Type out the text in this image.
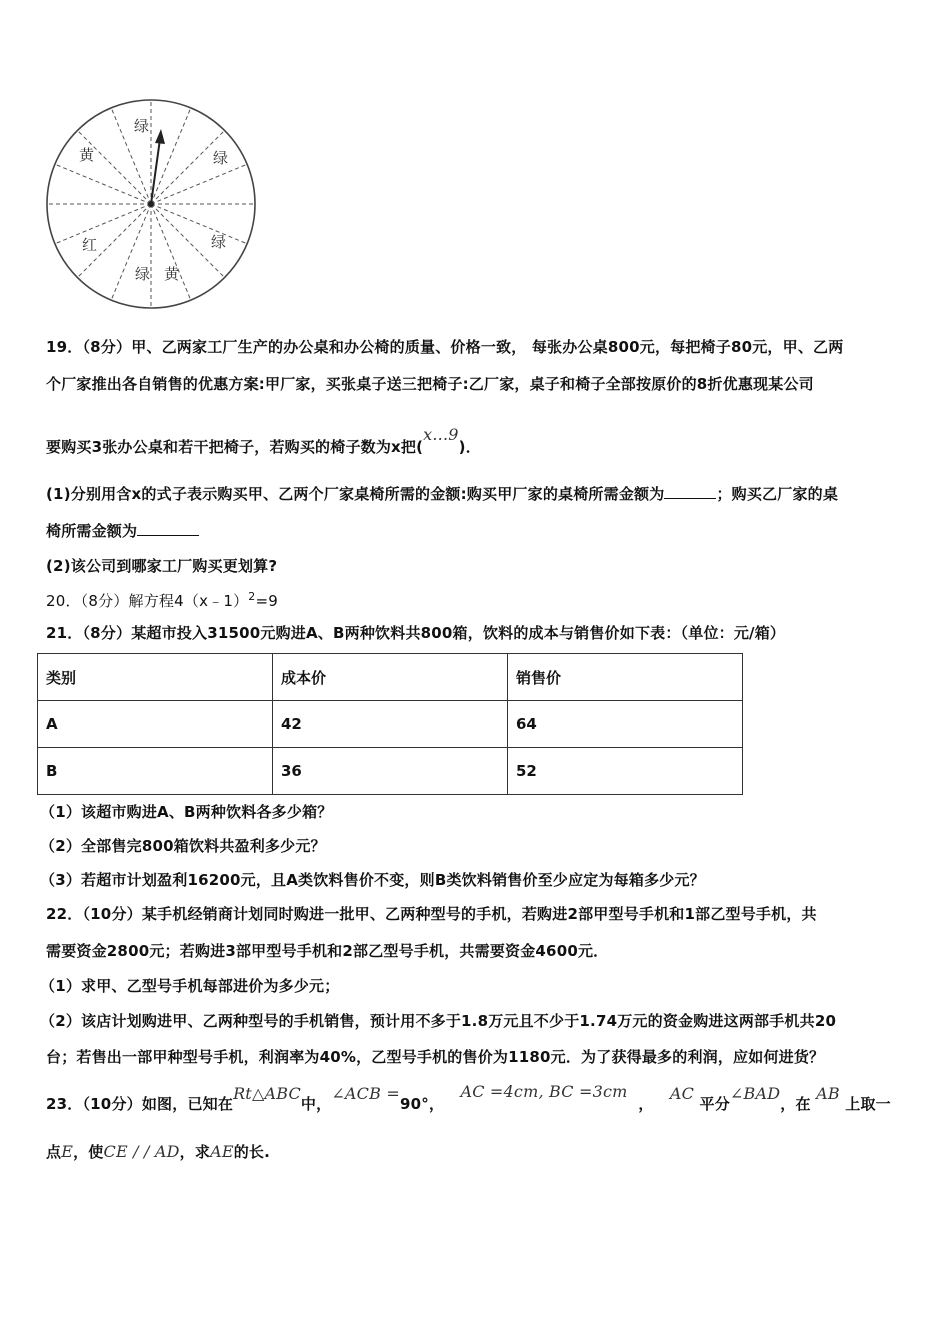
绿
绿
绿
黄
绿
红
黄
19．（8分）甲、乙两家工厂生产的办公桌和办公椅的质量、价格一致， 每张办公桌800元，每把椅子80元，甲、乙两
个厂家推出各自销售的优惠方案:甲厂家，买张桌子送三把椅子:乙厂家，桌子和椅子全部按原价的8折优惠现某公司
要购买3张办公桌和若干把椅子，若购买的椅子数为x把(x...9)．
(1)分别用含x的式子表示购买甲、乙两个厂家桌椅所需的金额:购买甲厂家的桌椅所需金额为	；购买乙厂家的桌
椅所需金额为
(2)该公司到哪家工厂购买更划算?
20．（8分）解方程4（x﹣1）$^2$=9
21．（8分）某超市投入31500元购进A、B两种饮料共800箱，饮料的成本与销售价如下表：（单位：元/箱）
类别	成本价	销售价
A	42	64
B	36	52
（1）该超市购进A、B两种饮料各多少箱？
（2）全部售完800箱饮料共盈利多少元？
（3）若超市计划盈利16200元，且A类饮料售价不变，则B类饮料销售价至少应定为每箱多少元？
22．（10分）某手机经销商计划同时购进一批甲、乙两种型号的手机，若购进2部甲型号手机和1部乙型号手机，共
需要资金2800元；若购进3部甲型号手机和2部乙型号手机，共需要资金4600元．
（1）求甲、乙型号手机每部进价为多少元；
（2）该店计划购进甲、乙两种型号的手机销售，预计用不多于1.8万元且不少于1.74万元的资金购进这两部手机共20
台；若售出一部甲种型号手机，利润率为40%，乙型号手机的售价为1180元．为了获得最多的利润，应如何进货？
23．（10分）如图，已知在Rt△ABC中，∠ACB =90°，   AC =4cm, BC =3cm  ，   AC 平分∠BAD，在 AB 上取一
点E，使CE / / AD，求AE的长.
